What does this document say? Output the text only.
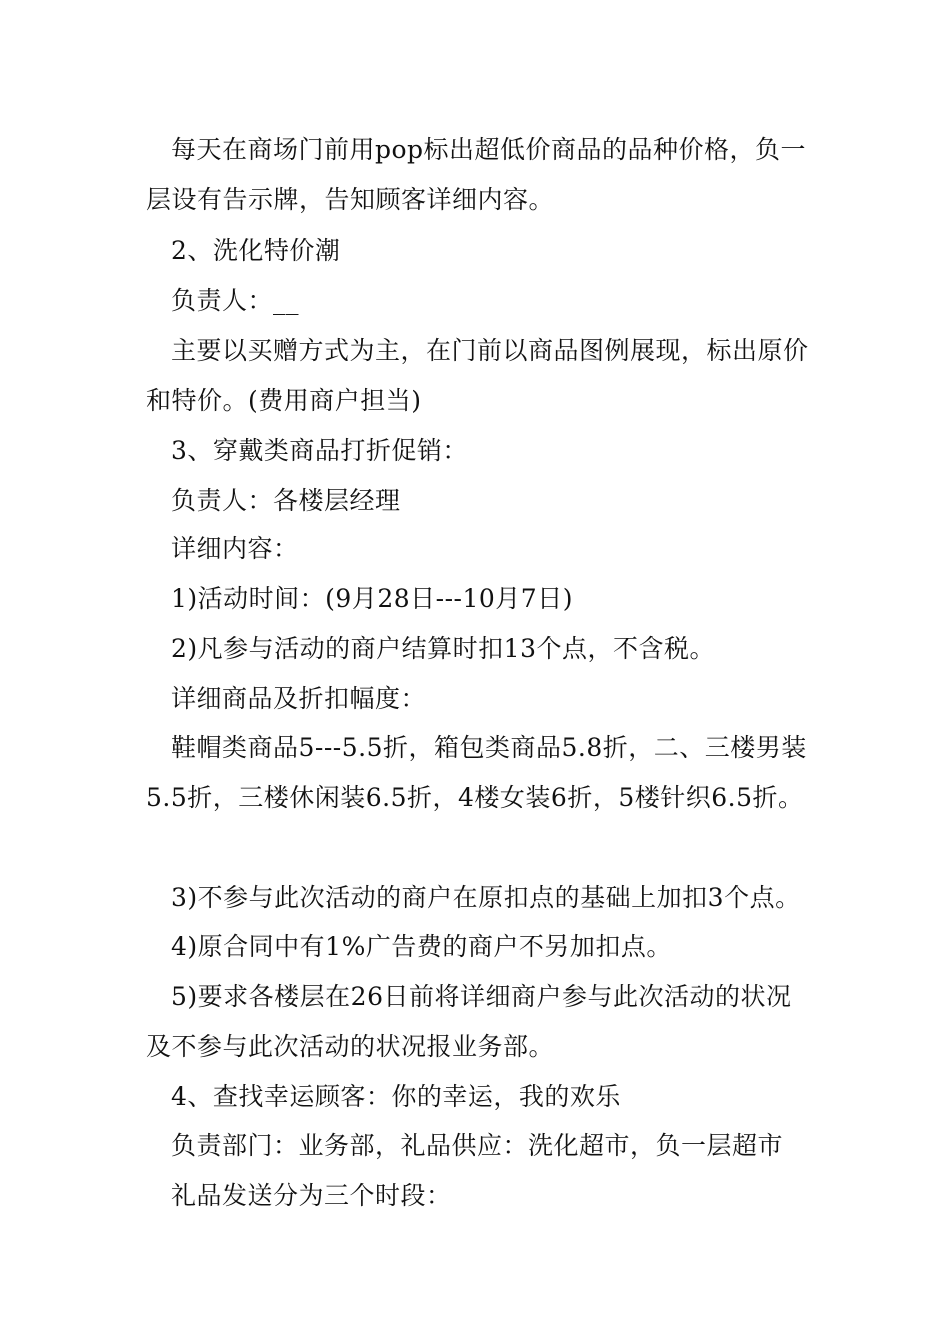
每天在商场门前用pop标出超低价商品的品种价格，负一层设有告示牌，告知顾客详细内容。

2、洗化特价潮

负责人：__

主要以买赠方式为主，在门前以商品图例展现，标出原价和特价。(费用商户担当)

3、穿戴类商品打折促销：

负责人：各楼层经理

详细内容：

1)活动时间：(9月28日---10月7日)

2)凡参与活动的商户结算时扣13个点，不含税。

详细商品及折扣幅度：

鞋帽类商品5---5.5折，箱包类商品5.8折，二、三楼男装5.5折，三楼休闲装6.5折，4楼女装6折，5楼针织6.5折。

3)不参与此次活动的商户在原扣点的基础上加扣3个点。

4)原合同中有1%广告费的商户不另加扣点。

5)要求各楼层在26日前将详细商户参与此次活动的状况及不参与此次活动的状况报业务部。

4、查找幸运顾客：你的幸运，我的欢乐

负责部门：业务部，礼品供应：洗化超市，负一层超市

礼品发送分为三个时段：
